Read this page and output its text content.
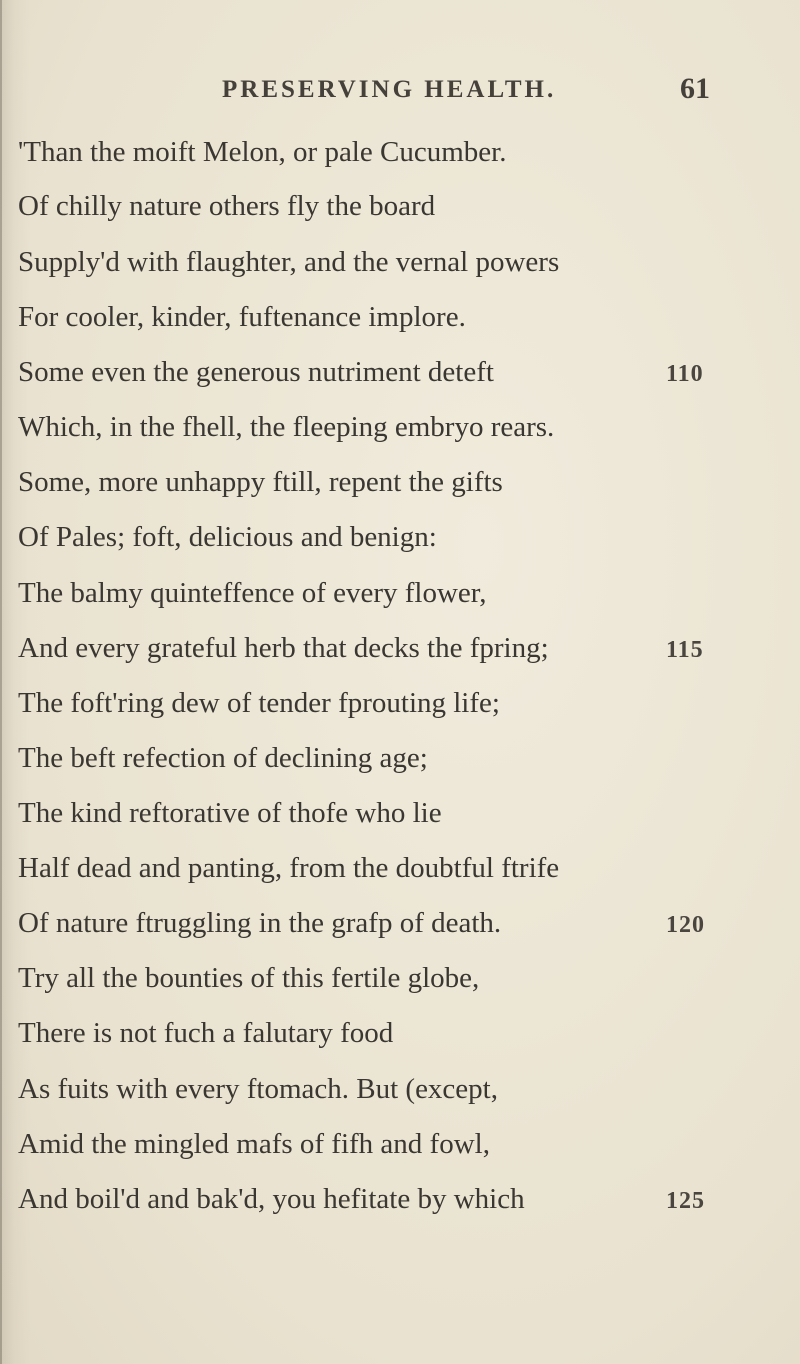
PRESERVING HEALTH.	61
'Than the moift Melon, or pale Cucumber.
Of chilly nature others fly the board
Supply'd with flaughter, and the vernal powers
For cooler, kinder, fuftenance implore.
Some even the generous nutriment deteft	110
Which, in the fhell, the fleeping embryo rears.
Some, more unhappy ftill, repent the gifts
Of Pales; foft, delicious and benign:
The balmy quinteffence of every flower,
And every grateful herb that decks the fpring;	115
The foft'ring dew of tender fprouting life;
The beft refection of declining age;
The kind reftorative of thofe who lie
Half dead and panting, from the doubtful ftrife
Of nature ftruggling in the grafp of death.	120
Try all the bounties of this fertile globe,
There is not fuch a falutary food
As fuits with every ftomach. But (except,
Amid the mingled mafs of fifh and fowl,
And boil'd and bak'd, you hefitate by which	125
